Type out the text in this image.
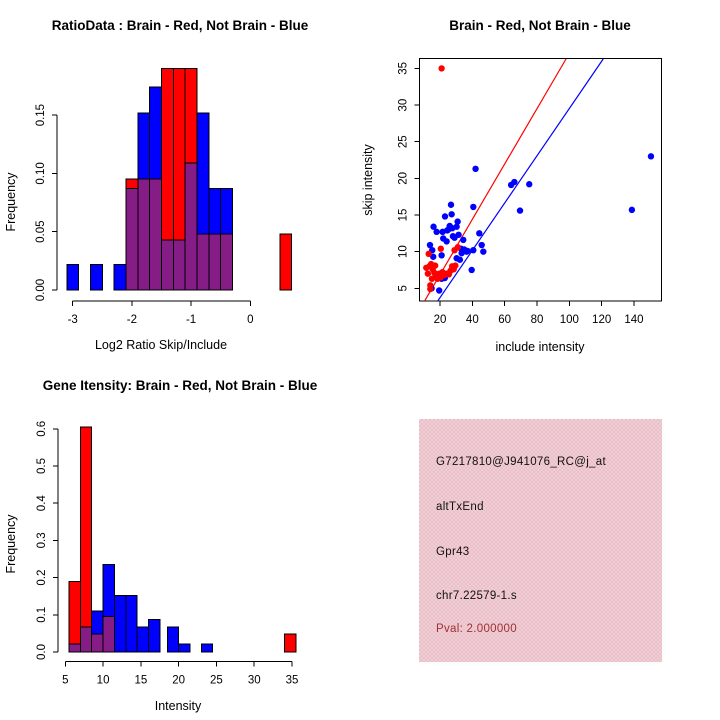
RatioData : Brain - Red, Not Brain - Blue
Log2 Ratio Skip/Include
Frequency
0.00
0.05
0.10
0.15
-3	-2	-1	0
Brain - Red, Not Brain - Blue
include intensity
skip intensity
20 40 60 80 100 120 140
5
10
15
20
25
30
35
Gene Itensity: Brain - Red, Not Brain - Blue
Intensity
Frequency
0.0
0.1
0.2
0.3
0.4
0.5
0.6
5 10 15 20 25 30 35
G7217810@J941076_RC@j_at
altTxEnd
Gpr43
chr7.22579-1.s
Pval: 2.000000
